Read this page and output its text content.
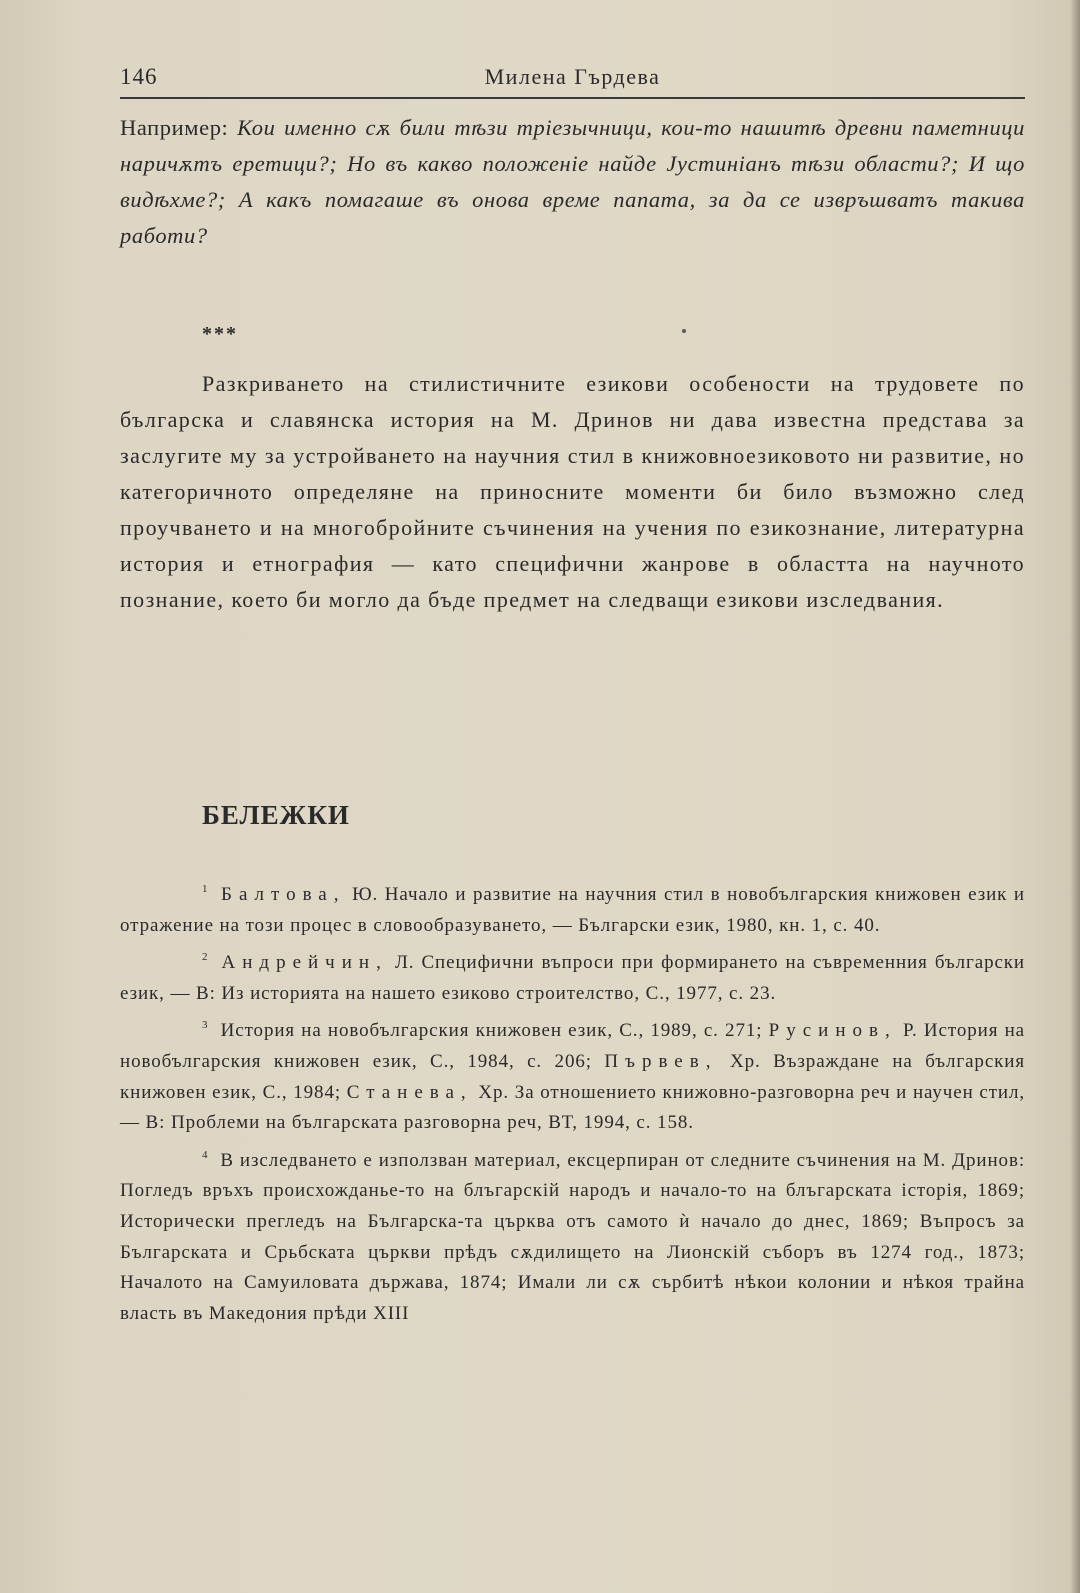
146	Милена Гърдева
Например: Кои именно сѫ били тѣзи тріезычници, кои-то нашитѣ древни паметници наричѫтъ еретици?; Но въ какво положеніе найде Јустиніанъ тѣзи области?; И що видѣхме?; А какъ помагаше въ онова време папата, за да се извръшватъ такива работи?
***
Разкриването на стилистичните езикови особености на трудовете по българска и славянска история на М. Дринов ни дава известна представа за заслугите му за устройването на научния стил в книжовноезиковото ни развитие, но категоричното определяне на приносните моменти би било възможно след проучването и на многобройните съчинения на учения по езикознание, литературна история и етнография — като специфични жанрове в областта на научното познание, което би могло да бъде предмет на следващи езикови изследвания.
БЕЛЕЖКИ

$^1$ Балтова, Ю. Начало и развитие на научния стил в новобългарския книжовен език и отражение на този процес в словообразуването, — Български език, 1980, кн. 1, с. 40.

$^2$ Андрейчин, Л. Специфични въпроси при формирането на съвременния български език, — В: Из историята на нашето езиково строителство, С., 1977, с. 23.

$^3$ История на новобългарския книжовен език, С., 1989, с. 271; Русинов, Р. История на новобългарския книжовен език, С., 1984, с. 206; Първев, Хр. Възраждане на българския книжовен език, С., 1984; Станева, Хр. За отношението книжовно-разговорна реч и научен стил, — В: Проблеми на българската разговорна реч, ВТ, 1994, с. 158.

$^4$ В изследването е използван материал, ексцерпиран от следните съчинения на М. Дринов: Погледъ връхъ происхожданье-то на блъгарскій народъ и начало-то на блъгарската історія, 1869; Исторически прегледъ на Българска-та църква отъ самото ѝ начало до днес, 1869; Въпросъ за Българската и Срьбската църкви прѣдъ сѫдилището на Лионскій съборъ въ 1274 год., 1873; Началото на Самуиловата държава, 1874; Имали ли сѫ сърбитѣ нѣкои колонии и нѣкоя трайна власть въ Македония прѣди XIII
